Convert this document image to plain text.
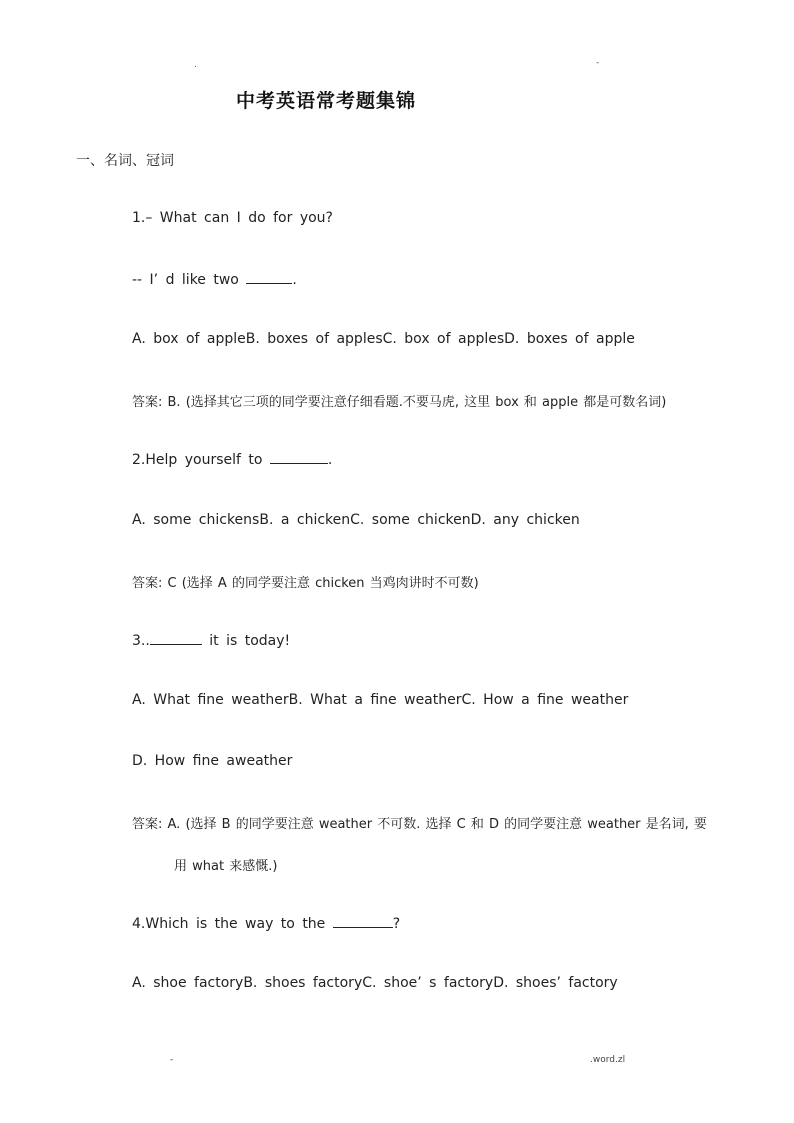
.	-
中考英语常考题集锦
一、名词、冠词
1.– What can I do for you?
-- I’ d like two	.
A. box of appleB. boxes of applesC. box of applesD. boxes of apple
答案: B. (选择其它三项的同学要注意仔细看题.不要马虎, 这里 box 和 apple 都是可数名词)
2.Help yourself to	.
A. some chickensB. a chickenC. some chickenD. any chicken
答案: C (选择 A 的同学要注意 chicken 当鸡肉讲时不可数)
3..	it is today!
A. What fine weatherB. What a fine weatherC. How a fine weather
D. How fine aweather
答案: A. (选择 B 的同学要注意 weather 不可数. 选择 C 和 D 的同学要注意 weather 是名词, 要
用 what 来感慨.)
4.Which is the way to the	?
A. shoe factoryB. shoes factoryC. shoe’ s factoryD. shoes’ factory
-	.word.zl
